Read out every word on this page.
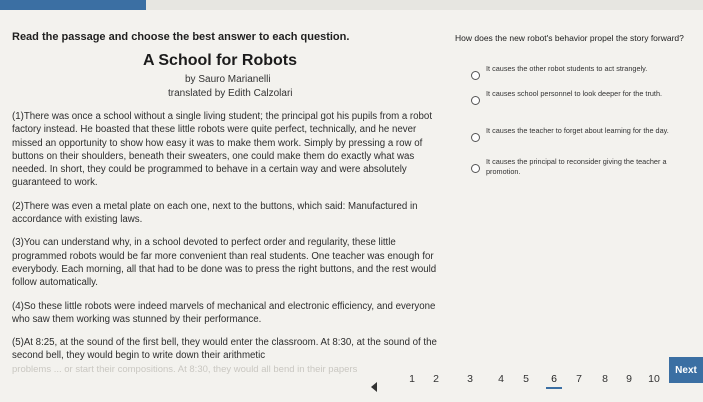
Read the passage and choose the best answer to each question.	How does the new robot's behavior propel the story forward?
A School for Robots
by Sauro Marianelli
translated by Edith Calzolari

(1)There was once a school without a single living student; the principal got his pupils from a robot factory instead. He boasted that these little robots were quite perfect, technically, and he never missed an opportunity to show how easy it was to make them work. Simply by pressing a row of buttons on their shoulders, beneath their sweaters, one could make them do exactly what was needed. In short, they could be programmed to behave in a certain way and were absolutely guaranteed to work.

(2)There was even a metal plate on each one, next to the buttons, which said: Manufactured in accordance with existing laws.

(3)You can understand why, in a school devoted to perfect order and regularity, these little programmed robots would be far more convenient than real students. One teacher was enough for everybody. Each morning, all that had to be done was to press the right buttons, and the rest would follow automatically.

(4)So these little robots were indeed marvels of mechanical and electronic efficiency, and everyone who saw them working was stunned by their performance.

(5)At 8:25, at the sound of the first bell, they would enter the classroom. At 8:30, at the sound of the second bell, they would begin to write down their arithmetic

problems ... or start their compositions. At 8:30, they would all bend in their papers
It causes the other robot students to act strangely.
It causes school personnel to look deeper for the truth.
It causes the teacher to forget about learning for the day.
It causes the principal to reconsider giving the teacher a promotion.
1	2	3	4	5	6	7	8	9	10
Next
